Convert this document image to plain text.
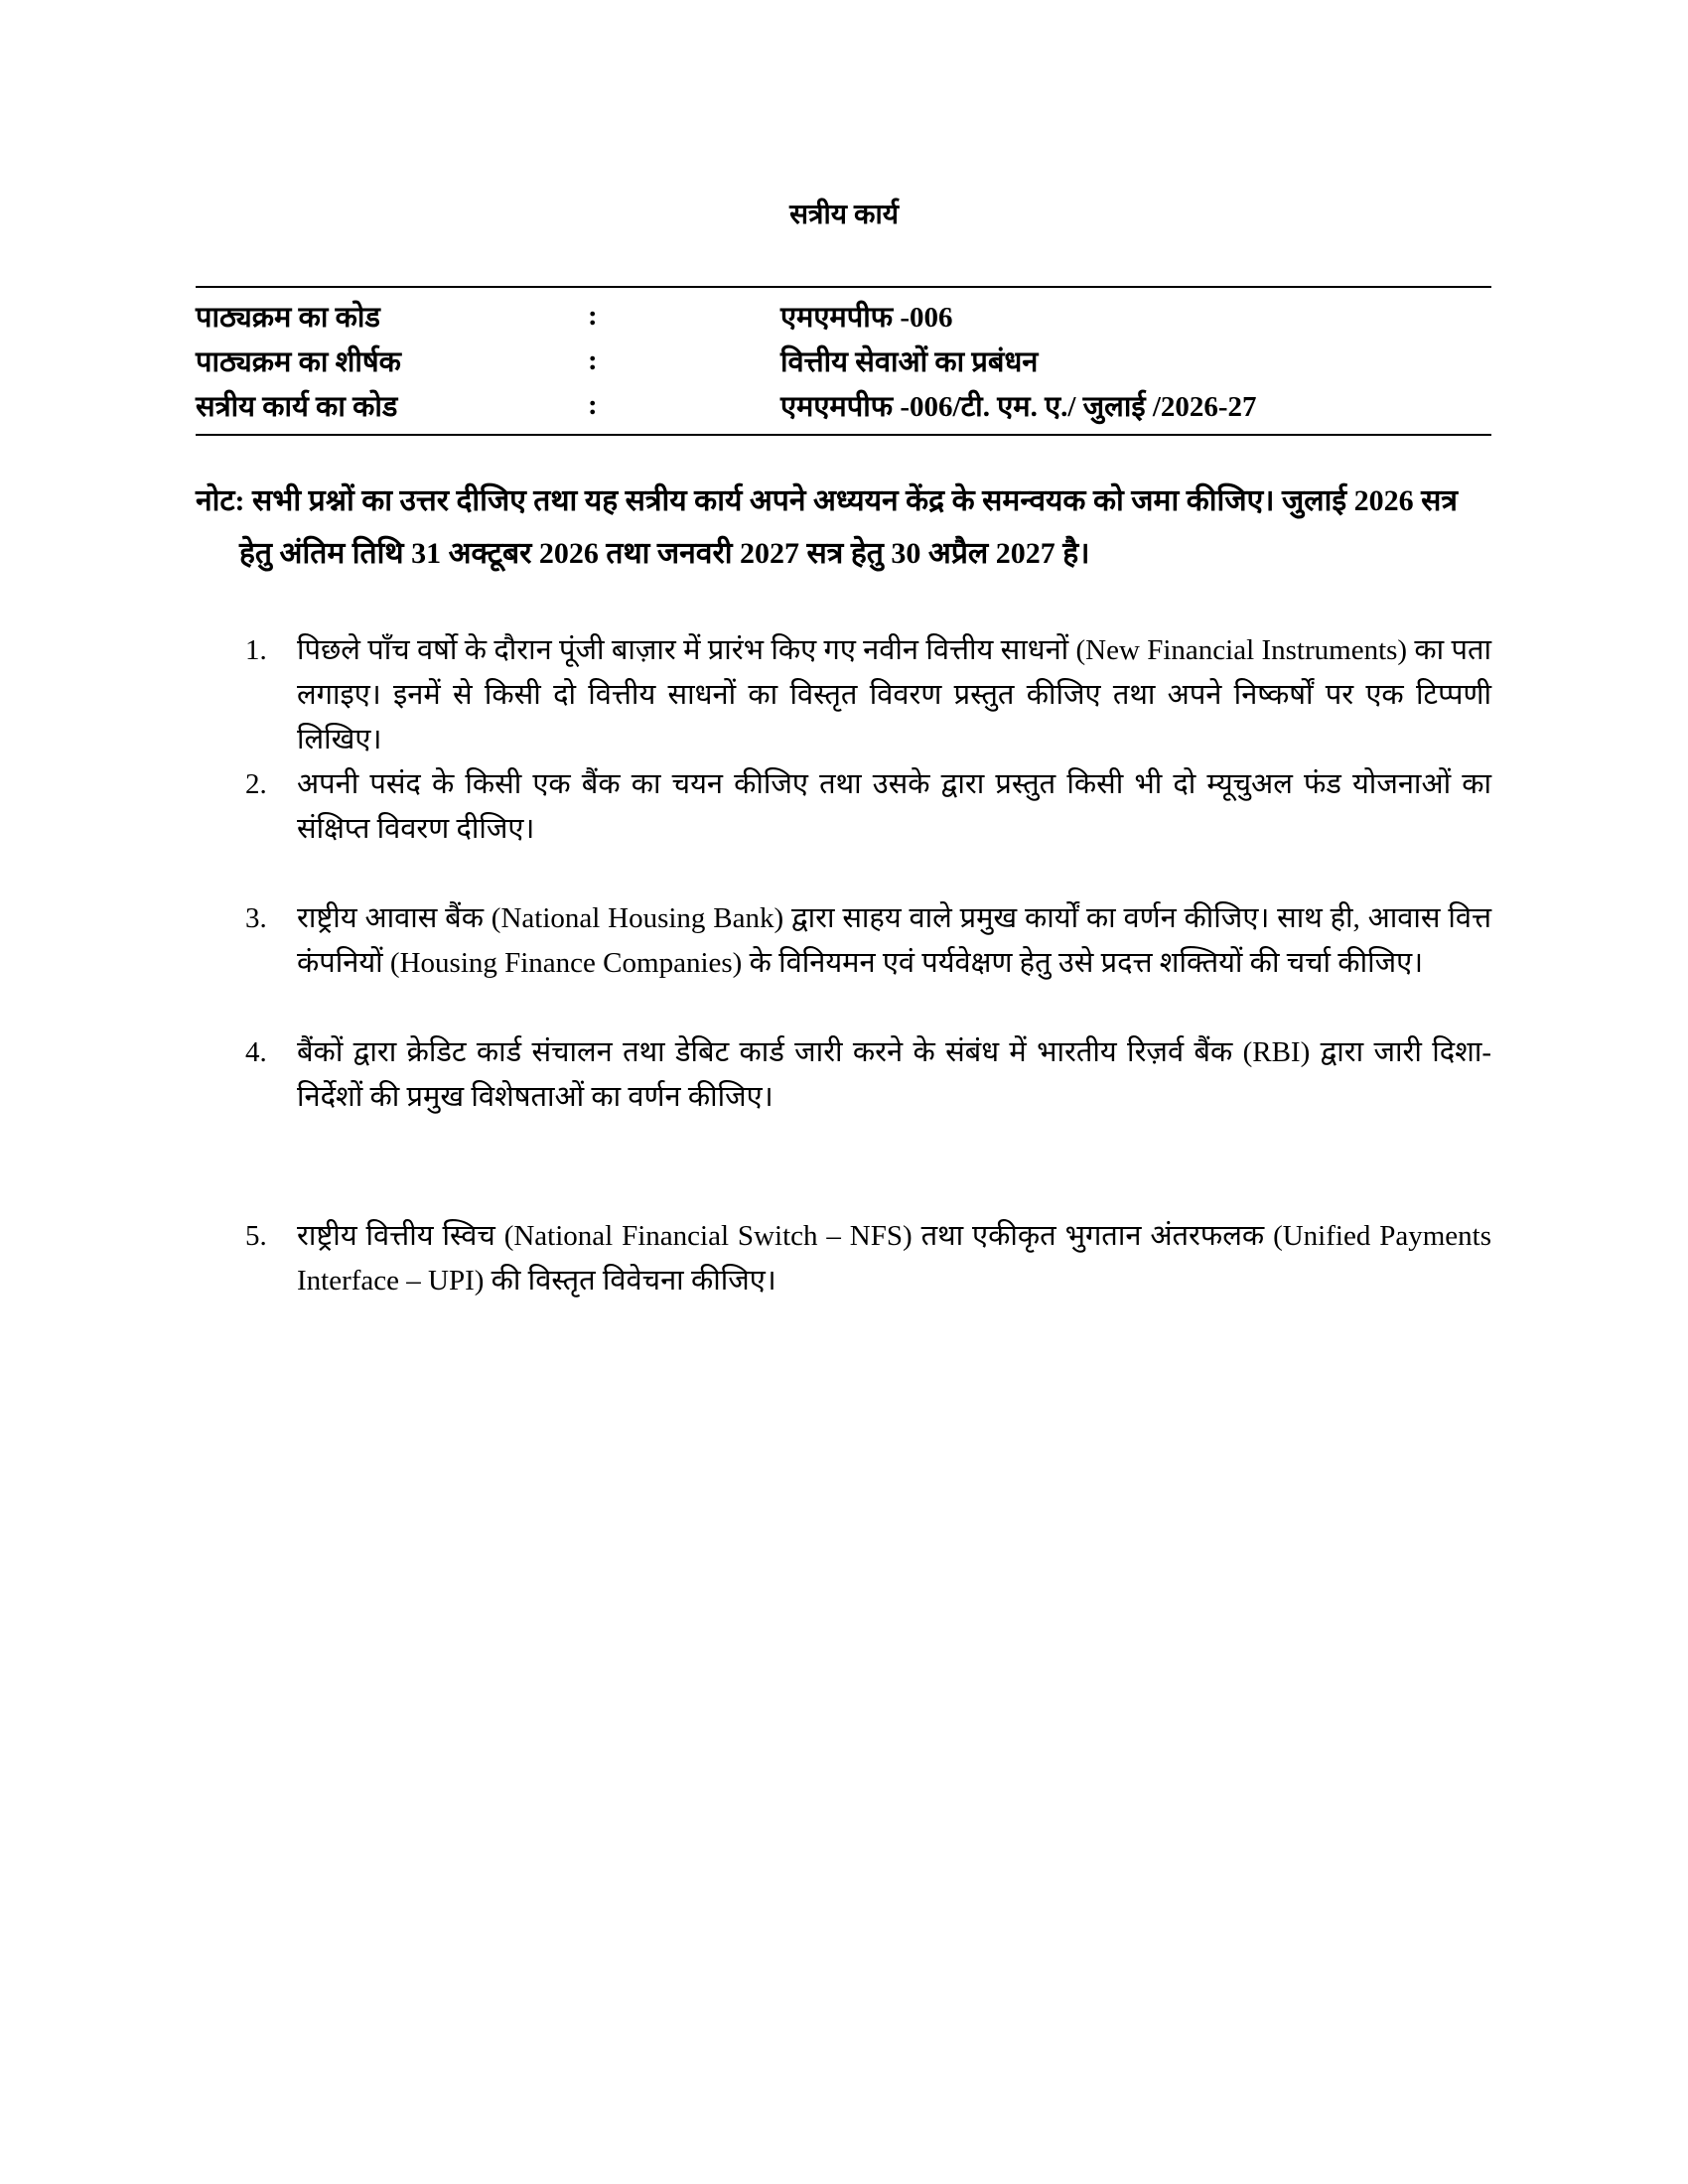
सत्रीय कार्य
पाठ्यक्रम का कोड	:	एमएमपीफ -006
पाठ्यक्रम का शीर्षक	:	वित्तीय सेवाओं का प्रबंधन
सत्रीय कार्य का कोड	:	एमएमपीफ -006/टी. एम. ए./ जुलाई /2026-27

नोट: सभी प्रश्नों का उत्तर दीजिए तथा यह सत्रीय कार्य अपने अध्ययन केंद्र के समन्वयक को जमा कीजिए। जुलाई 2026 सत्र हेतु अंतिम तिथि 31 अक्टूबर 2026 तथा जनवरी 2027 सत्र हेतु 30 अप्रैल 2027 है।

1.	पिछले पाँच वर्षो के दौरान पूंजी बाज़ार में प्रारंभ किए गए नवीन वित्तीय साधनों (New Financial Instruments) का पता लगाइए। इनमें से किसी दो वित्तीय साधनों का विस्तृत विवरण प्रस्तुत कीजिए तथा अपने निष्कर्षों पर एक टिप्पणी लिखिए।
2.	अपनी पसंद के किसी एक बैंक का चयन कीजिए तथा उसके द्वारा प्रस्तुत किसी भी दो म्यूचुअल फंड योजनाओं का संक्षिप्त विवरण दीजिए।
3.	राष्ट्रीय आवास बैंक (National Housing Bank) द्वारा साहय वाले प्रमुख कार्यों का वर्णन कीजिए। साथ ही, आवास वित्त कंपनियों (Housing Finance Companies) के विनियमन एवं पर्यवेक्षण हेतु उसे प्रदत्त शक्तियों की चर्चा कीजिए।
4.	बैंकों द्वारा क्रेडिट कार्ड संचालन तथा डेबिट कार्ड जारी करने के संबंध में भारतीय रिज़र्व बैंक (RBI) द्वारा जारी दिशा-निर्देशों की प्रमुख विशेषताओं का वर्णन कीजिए।
5.	राष्ट्रीय वित्तीय स्विच (National Financial Switch – NFS) तथा एकीकृत भुगतान अंतरफलक (Unified Payments Interface – UPI) की विस्तृत विवेचना कीजिए।
